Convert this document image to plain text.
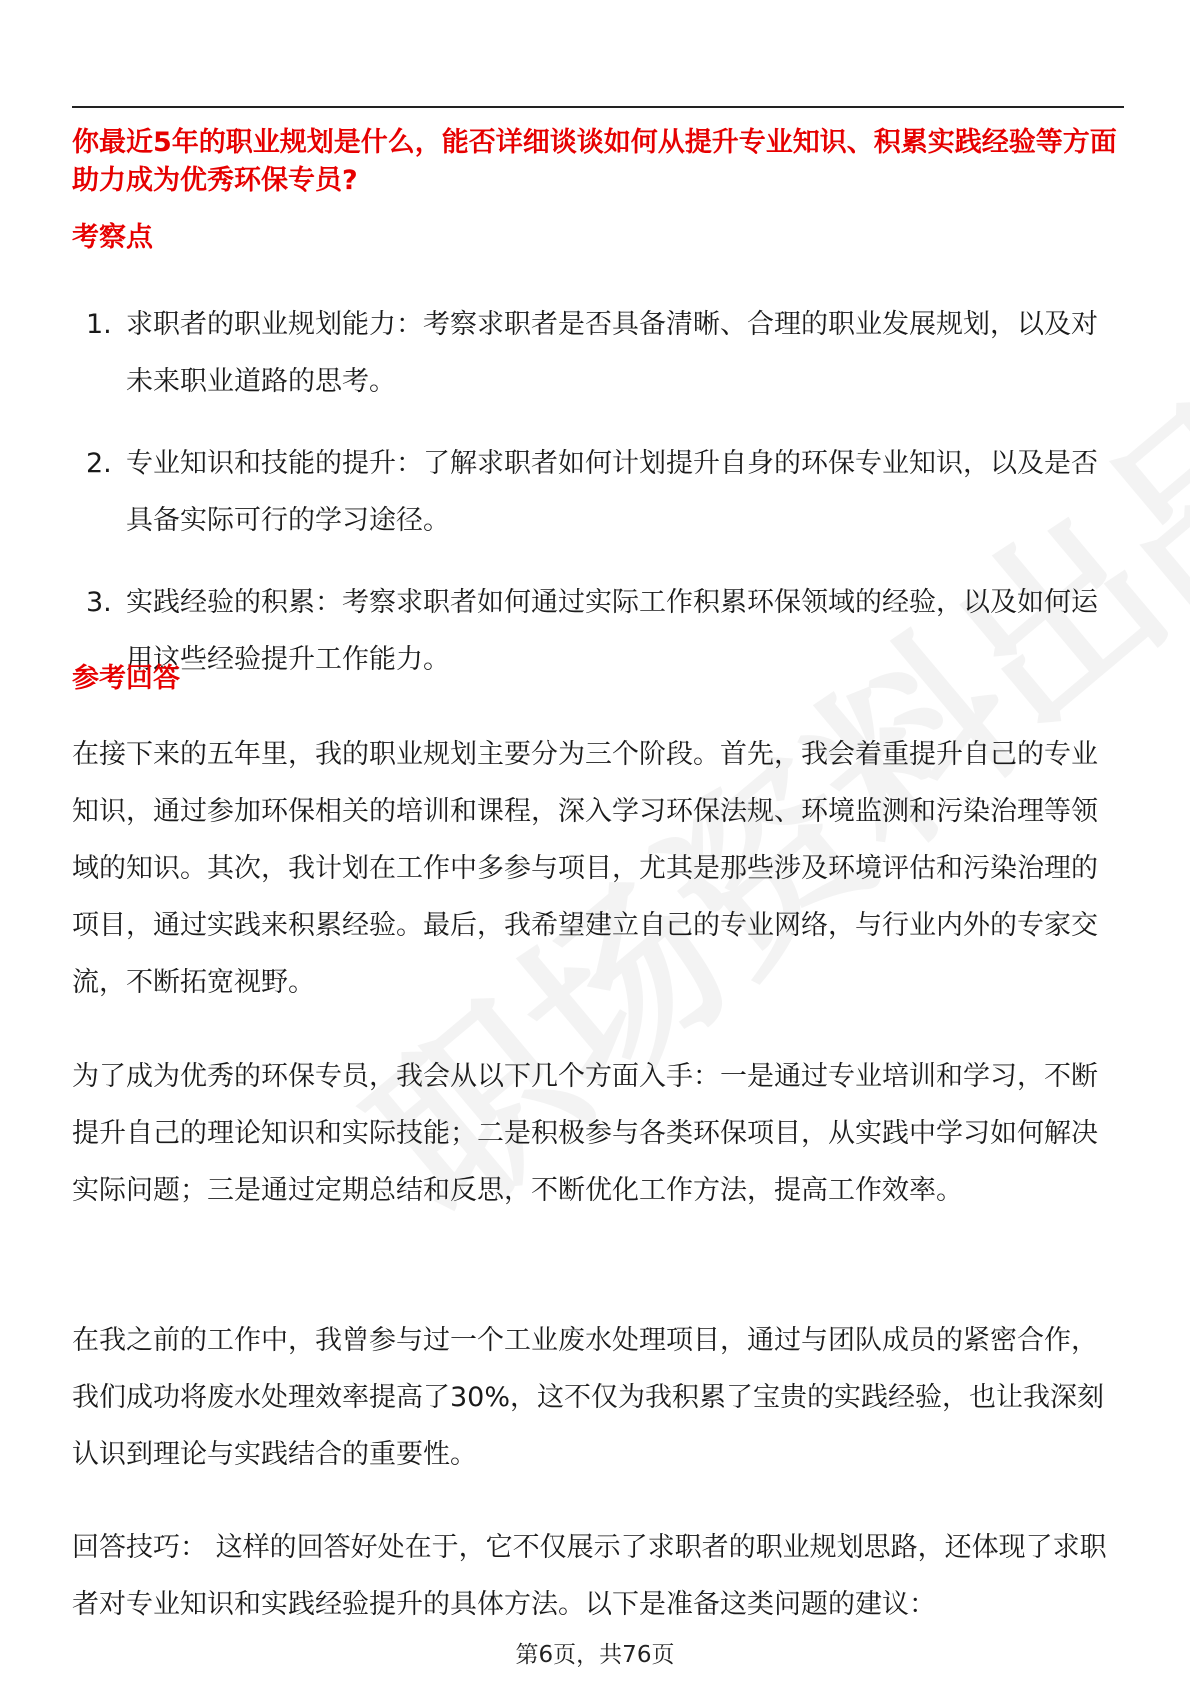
你最近5年的职业规划是什么，能否详细谈谈如何从提升专业知识、积累实践经验等方面助力成为优秀环保专员?

考察点
1. 求职者的职业规划能力：考察求职者是否具备清晰、合理的职业发展规划，以及对未来职业道路的思考。
2. 专业知识和技能的提升：了解求职者如何计划提升自身的环保专业知识，以及是否具备实际可行的学习途径。
3. 实践经验的积累：考察求职者如何通过实际工作积累环保领域的经验，以及如何运用这些经验提升工作能力。
参考回答

在接下来的五年里，我的职业规划主要分为三个阶段。首先，我会着重提升自己的专业知识，通过参加环保相关的培训和课程，深入学习环保法规、环境监测和污染治理等领域的知识。其次，我计划在工作中多参与项目，尤其是那些涉及环境评估和污染治理的项目，通过实践来积累经验。最后，我希望建立自己的专业网络，与行业内外的专家交流，不断拓宽视野。

为了成为优秀的环保专员，我会从以下几个方面入手：一是通过专业培训和学习，不断提升自己的理论知识和实际技能；二是积极参与各类环保项目，从实践中学习如何解决实际问题；三是通过定期总结和反思，不断优化工作方法，提高工作效率。

在我之前的工作中，我曾参与过一个工业废水处理项目，通过与团队成员的紧密合作，我们成功将废水处理效率提高了30%，这不仅为我积累了宝贵的实践经验，也让我深刻认识到理论与实践结合的重要性。

回答技巧： 这样的回答好处在于，它不仅展示了求职者的职业规划思路，还体现了求职者对专业知识和实践经验提升的具体方法。以下是准备这类问题的建议：

第6页，共76页
